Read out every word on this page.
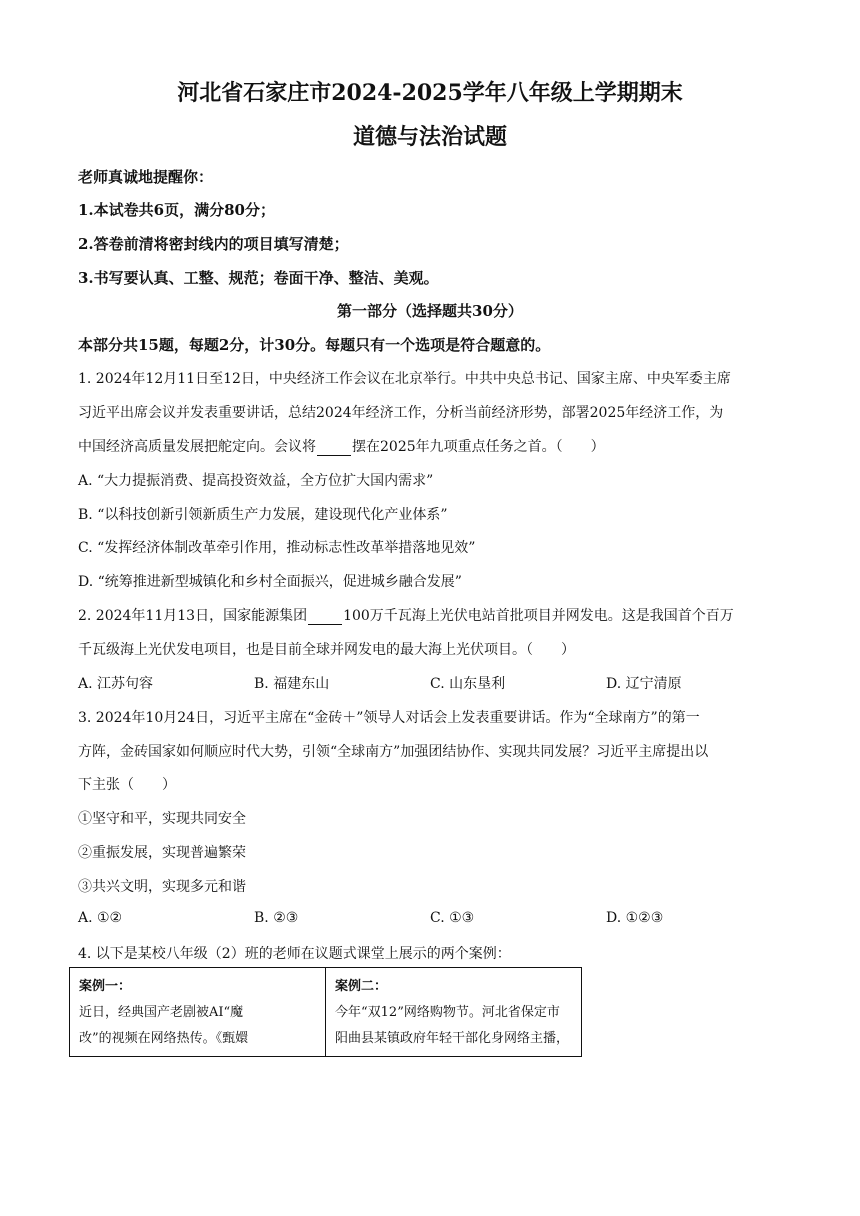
河北省石家庄市2024-2025学年八年级上学期期末
道德与法治试题
老师真诚地提醒你：
1.本试卷共6页，满分80分；
2.答卷前清将密封线内的项目填写清楚；
3.书写要认真、工整、规范；卷面干净、整洁、美观。
第一部分（选择题共30分）
本部分共15题，每题2分，计30分。每题只有一个选项是符合题意的。
1. 2024年12月11日至12日，中央经济工作会议在北京举行。中共中央总书记、国家主席、中央军委主席
习近平出席会议并发表重要讲话，总结2024年经济工作，分析当前经济形势，部署2025年经济工作，为
中国经济高质量发展把舵定向。会议将	摆在2025年九项重点任务之首。（　　）
A. “大力提振消费、提高投资效益，全方位扩大国内需求”
B. “以科技创新引领新质生产力发展，建设现代化产业体系”
C. “发挥经济体制改革牵引作用，推动标志性改革举措落地见效”
D. “统筹推进新型城镇化和乡村全面振兴，促进城乡融合发展”
2. 2024年11月13日，国家能源集团	100万千瓦海上光伏电站首批项目并网发电。这是我国首个百万
千瓦级海上光伏发电项目，也是目前全球并网发电的最大海上光伏项目。（　　）
A. 江苏句容	B. 福建东山	C. 山东垦利	D. 辽宁清原
3. 2024年10月24日，习近平主席在“金砖＋”领导人对话会上发表重要讲话。作为“全球南方”的第一
方阵，金砖国家如何顺应时代大势，引领“全球南方”加强团结协作、实现共同发展？习近平主席提出以
下主张（　　）
①坚守和平，实现共同安全
②重振发展，实现普遍繁荣
③共兴文明，实现多元和谐
A. ①②	B. ②③	C. ①③	D. ①②③
4. 以下是某校八年级（2）班的老师在议题式课堂上展示的两个案例：
案例一：
近日，经典国产老剧被AI“魔
改”的视频在网络热传。《甄嬛

案例二：
今年“双12”网络购物节。河北省保定市
阳曲县某镇政府年轻干部化身网络主播，
